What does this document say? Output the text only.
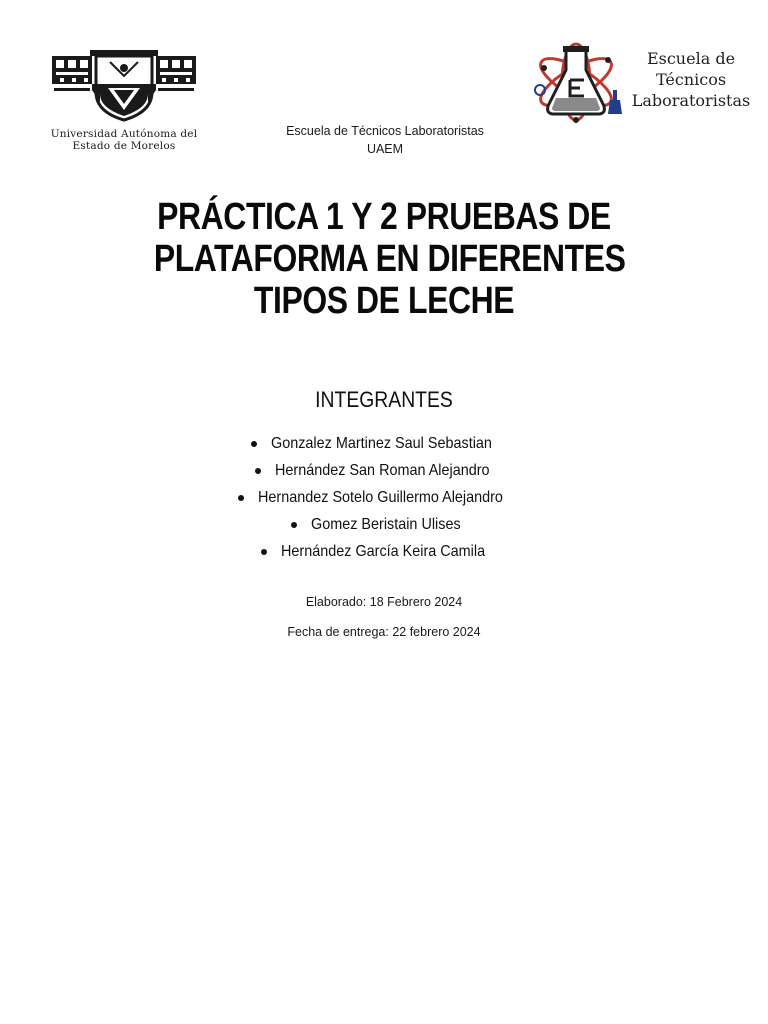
Universidad Autónoma del
Estado de Morelos
Escuela de
Técnicos
Laboratoristas
Escuela de Técnicos Laboratoristas
UAEM
PRÁCTICA 1 Y 2 PRUEBAS DE
PLATAFORMA EN DIFERENTES
TIPOS DE LECHE
INTEGRANTES
Gonzalez Martinez Saul Sebastian
Hernández San Roman Alejandro
Hernandez Sotelo Guillermo Alejandro
Gomez Beristain Ulises
Hernández García Keira Camila
Elaborado: 18 Febrero 2024
Fecha de entrega: 22 febrero 2024
